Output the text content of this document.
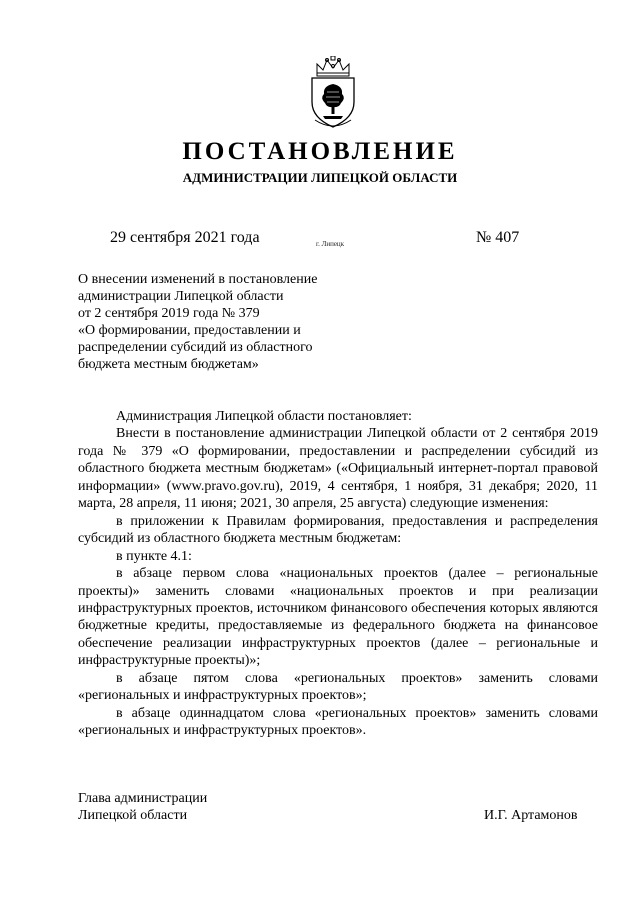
ПОСТАНОВЛЕНИЕ
АДМИНИСТРАЦИИ ЛИПЕЦКОЙ ОБЛАСТИ
29 сентября 2021 года	г. Липецк	№ 407
О внесении изменений в постановление
администрации Липецкой области
от 2 сентября 2019 года № 379
«О формировании, предоставлении и
распределении субсидий из областного
бюджета местным бюджетам»

Администрация Липецкой области постановляет:

Внести в постановление администрации Липецкой области от 2 сентября 2019 года № 379 «О формировании, предоставлении и распределении субсидий из областного бюджета местным бюджетам» («Официальный интернет-портал правовой информации» (www.pravo.gov.ru), 2019, 4 сентября, 1 ноября, 31 декабря; 2020, 11 марта, 28 апреля, 11 июня; 2021, 30 апреля, 25 августа) следующие изменения:

в приложении к Правилам формирования, предоставления и распределения субсидий из областного бюджета местным бюджетам:

в пункте 4.1:

в абзаце первом слова «национальных проектов (далее – региональные проекты)» заменить словами «национальных проектов и при реализации инфраструктурных проектов, источником финансового обеспечения которых являются бюджетные кредиты, предоставляемые из федерального бюджета на финансовое обеспечение реализации инфраструктурных проектов (далее – региональные и инфраструктурные проекты)»;

в абзаце пятом слова «региональных проектов» заменить словами «региональных и инфраструктурных проектов»;

в абзаце одиннадцатом слова «региональных проектов» заменить словами «региональных и инфраструктурных проектов».

Глава администрации
Липецкой области	И.Г. Артамонов
